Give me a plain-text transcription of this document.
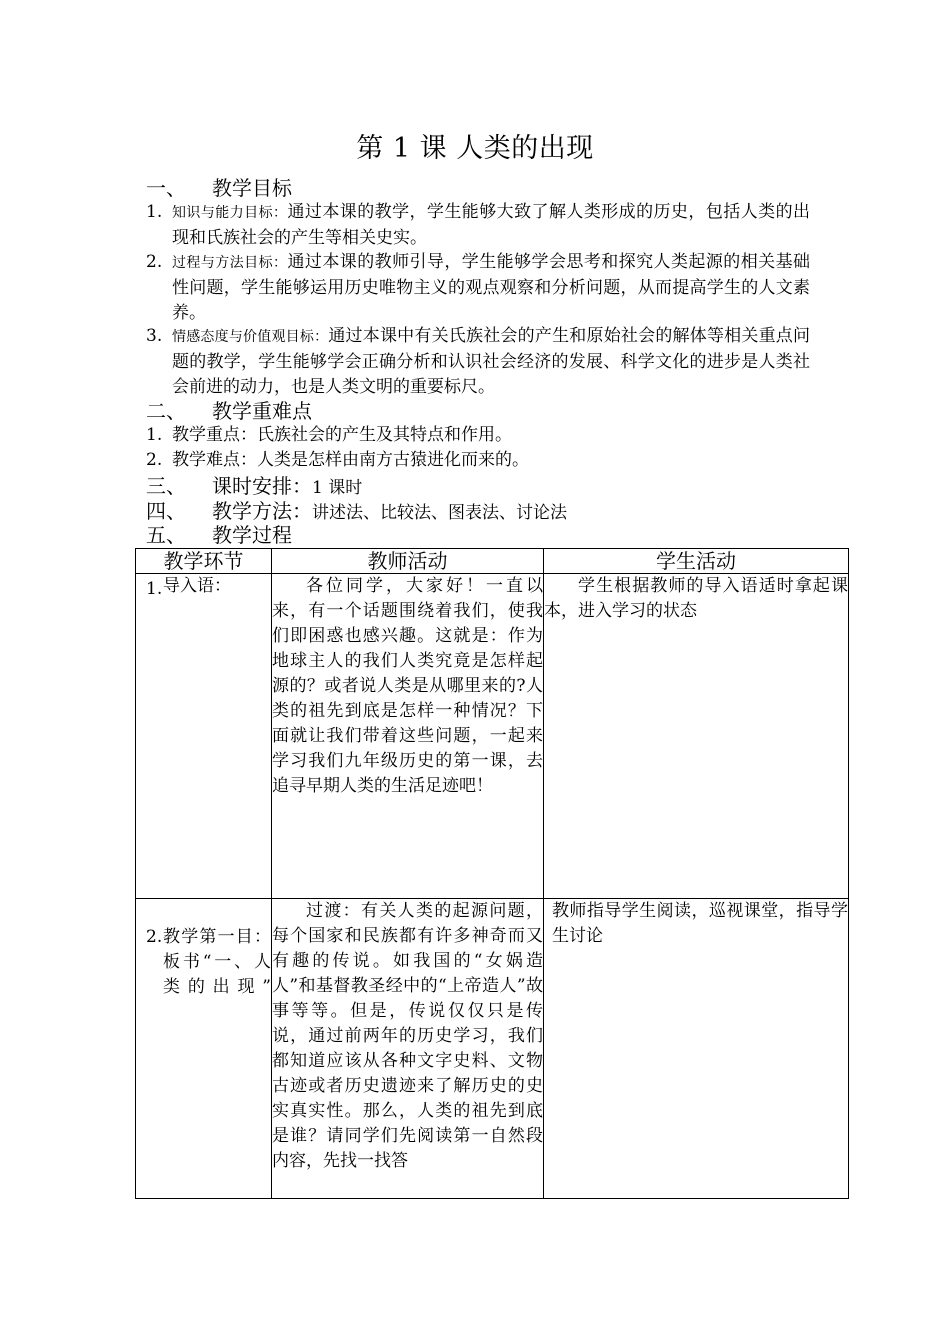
第 1 课 人类的出现
一、 教学目标
1. 知识与能力目标：通过本课的教学，学生能够大致了解人类形成的历史，包括人类的出现和氏族社会的产生等相关史实。
2. 过程与方法目标：通过本课的教师引导，学生能够学会思考和探究人类起源的相关基础性问题，学生能够运用历史唯物主义的观点观察和分析问题，从而提高学生的人文素养。
3. 情感态度与价值观目标：通过本课中有关氏族社会的产生和原始社会的解体等相关重点问题的教学，学生能够学会正确分析和认识社会经济的发展、科学文化的进步是人类社会前进的动力，也是人类文明的重要标尺。
二、 教学重难点
1. 教学重点：氏族社会的产生及其特点和作用。
2. 教学难点：人类是怎样由南方古猿进化而来的。
三、 课时安排：1 课时
四、 教学方法：讲述法、比较法、图表法、讨论法
五、 教学过程
教学环节	教师活动	学生活动

1. 导入语：	各位同学，大家好！一直以来，有一个话题围绕着我们，使我们即困惑也感兴趣。这就是：作为地球主人的我们人类究竟是怎样起源的？或者说人类是从哪里来的?人类的祖先到底是怎样一种情况？下面就让我们带着这些问题，一起来学习我们九年级历史的第一课，去追寻早期人类的生活足迹吧！	学生根据教师的导入语适时拿起课本，进入学习的状态

2. 教学第一目：板书“一、人类的出现”	过渡：有关人类的起源问题，每个国家和民族都有许多神奇而又有趣的传说。如我国的“女娲造人”和基督教圣经中的“上帝造人”故事等等。但是，传说仅仅只是传说，通过前两年的历史学习，我们都知道应该从各种文字史料、文物古迹或者历史遗迹来了解历史的史实真实性。那么，人类的祖先到底是谁？请同学们先阅读第一自然段内容，先找一找答	教师指导学生阅读，巡视课堂，指导学生讨论
